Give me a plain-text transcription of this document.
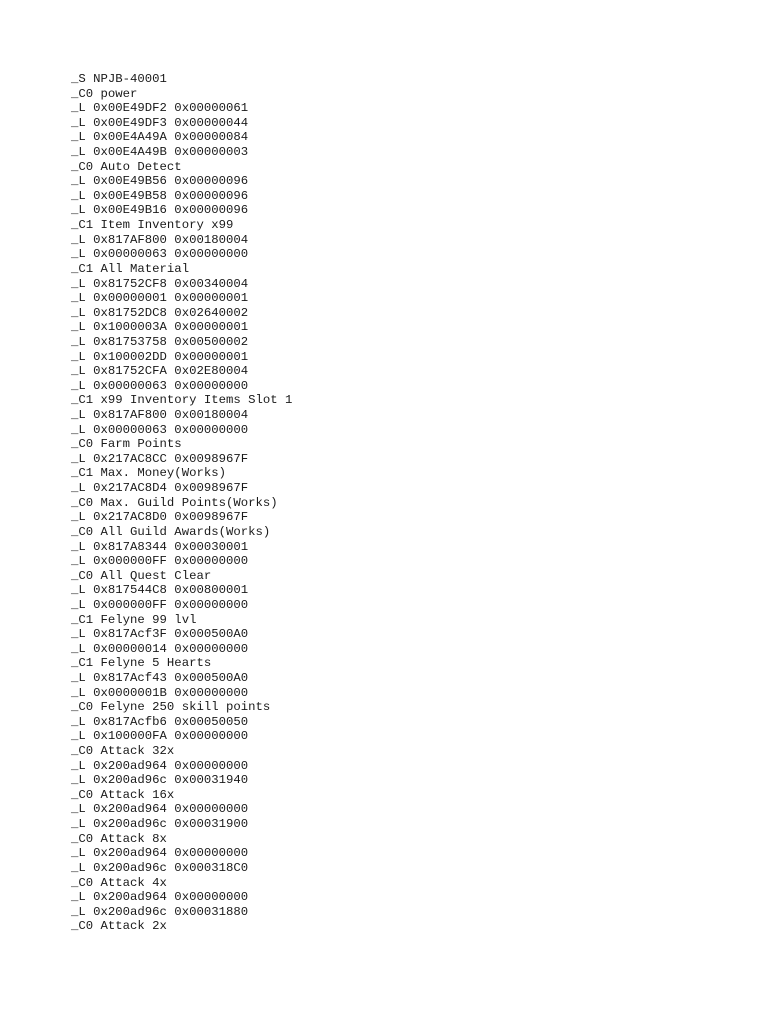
_S NPJB-40001
_C0 power
_L 0x00E49DF2 0x00000061
_L 0x00E49DF3 0x00000044
_L 0x00E4A49A 0x00000084
_L 0x00E4A49B 0x00000003
_C0 Auto Detect
_L 0x00E49B56 0x00000096
_L 0x00E49B58 0x00000096
_L 0x00E49B16 0x00000096
_C1 Item Inventory x99
_L 0x817AF800 0x00180004
_L 0x00000063 0x00000000
_C1 All Material
_L 0x81752CF8 0x00340004
_L 0x00000001 0x00000001
_L 0x81752DC8 0x02640002
_L 0x1000003A 0x00000001
_L 0x81753758 0x00500002
_L 0x100002DD 0x00000001
_L 0x81752CFA 0x02E80004
_L 0x00000063 0x00000000
_C1 x99 Inventory Items Slot 1
_L 0x817AF800 0x00180004
_L 0x00000063 0x00000000
_C0 Farm Points
_L 0x217AC8CC 0x0098967F
_C1 Max. Money(Works)
_L 0x217AC8D4 0x0098967F
_C0 Max. Guild Points(Works)
_L 0x217AC8D0 0x0098967F
_C0 All Guild Awards(Works)
_L 0x817A8344 0x00030001
_L 0x000000FF 0x00000000
_C0 All Quest Clear
_L 0x817544C8 0x00800001
_L 0x000000FF 0x00000000
_C1 Felyne 99 lvl
_L 0x817Acf3F 0x000500A0
_L 0x00000014 0x00000000
_C1 Felyne 5 Hearts
_L 0x817Acf43 0x000500A0
_L 0x0000001B 0x00000000
_C0 Felyne 250 skill points
_L 0x817Acfb6 0x00050050
_L 0x100000FA 0x00000000
_C0 Attack 32x
_L 0x200ad964 0x00000000
_L 0x200ad96c 0x00031940
_C0 Attack 16x
_L 0x200ad964 0x00000000
_L 0x200ad96c 0x00031900
_C0 Attack 8x
_L 0x200ad964 0x00000000
_L 0x200ad96c 0x000318C0
_C0 Attack 4x
_L 0x200ad964 0x00000000
_L 0x200ad96c 0x00031880
_C0 Attack 2x
